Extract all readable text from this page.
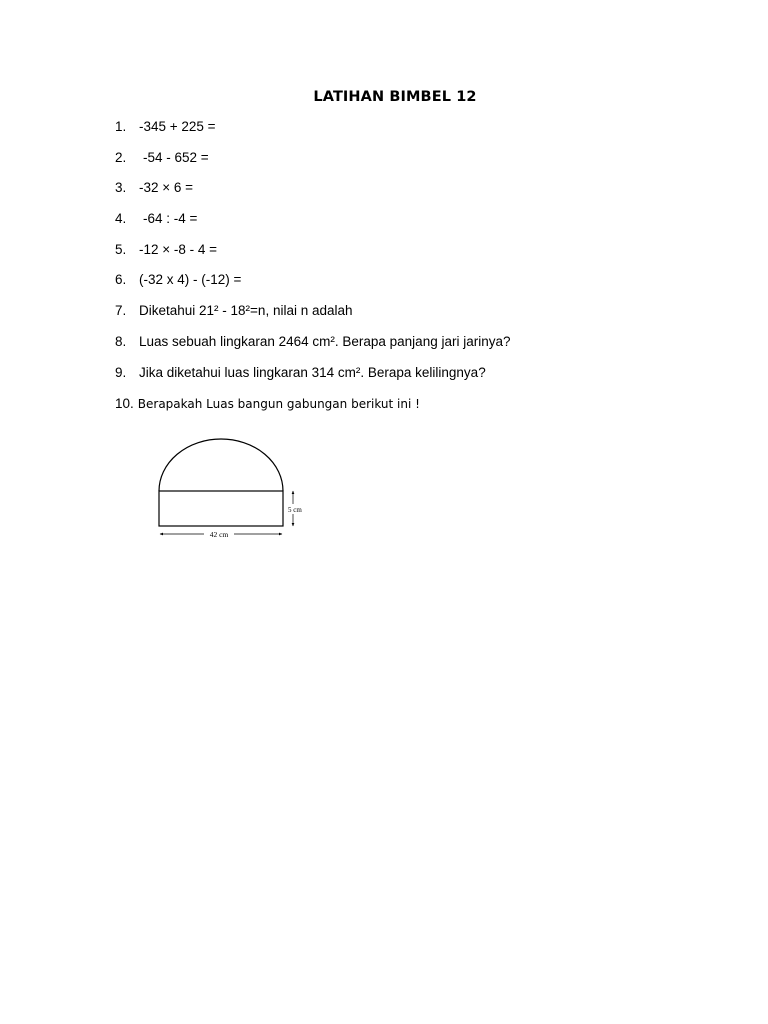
LATIHAN BIMBEL 12
1. -345 + 225 =
2. -54 - 652 =
3. -32 × 6 =
4. -64 : -4 =
5. -12 × -8 - 4 =
6. (-32 x 4) - (-12) =
7. Diketahui 21² - 18²=n, nilai n adalah
8. Luas sebuah lingkaran 2464 cm². Berapa panjang jari jarinya?
9. Jika diketahui luas lingkaran 314 cm². Berapa kelilingnya?
10. Berapakah Luas bangun gabungan berikut ini !
42 cm
5 cm
